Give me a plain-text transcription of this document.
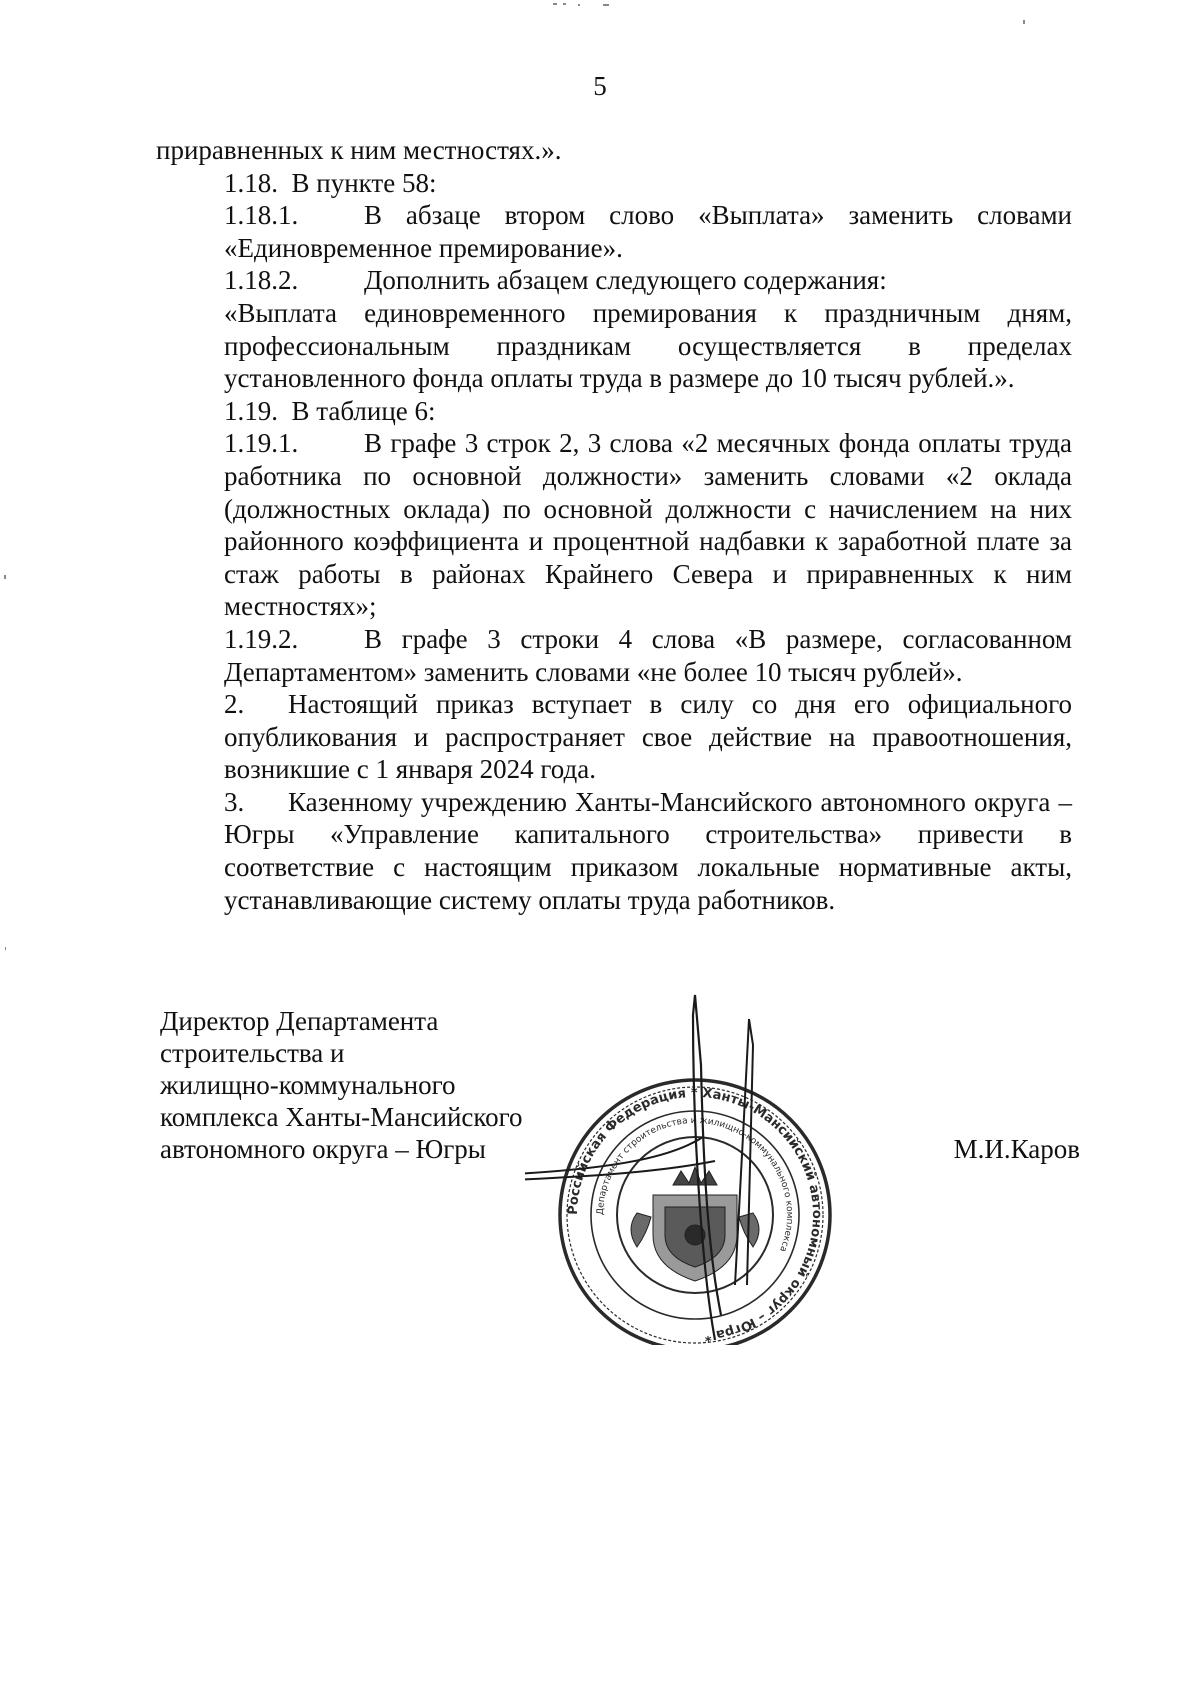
5

приравненных к ним местностях.».

1.18. В пункте 58:

1.18.1. В абзаце втором слово «Выплата» заменить словами «Единовременное премирование».

1.18.2. Дополнить абзацем следующего содержания:

«Выплата единовременного премирования к праздничным дням, профессиональным праздникам осуществляется в пределах установленного фонда оплаты труда в размере до 10 тысяч рублей.».

1.19. В таблице 6:

1.19.1. В графе 3 строк 2, 3 слова «2 месячных фонда оплаты труда работника по основной должности» заменить словами «2 оклада (должностных оклада) по основной должности с начислением на них районного коэффициента и процентной надбавки к заработной плате за стаж работы в районах Крайнего Севера и приравненных к ним местностях»;

1.19.2. В графе 3 строки 4 слова «В размере, согласованном Департаментом» заменить словами «не более 10 тысяч рублей».

2. Настоящий приказ вступает в силу со дня его официального опубликования и распространяет свое действие на правоотношения, возникшие с 1 января 2024 года.

3. Казенному учреждению Ханты-Мансийского автономного округа – Югры «Управление капитального строительства» привести в соответствие с настоящим приказом локальные нормативные акты, устанавливающие систему оплаты труда работников.

Директор Департамента
строительства и
жилищно-коммунального
комплекса Ханты-Мансийского
автономного округа – Югры	М.И.Каров
Российская Федерация * Ханты-Мансийский автономный округ – Югра *
Департамент строительства и жилищно-коммунального комплекса
